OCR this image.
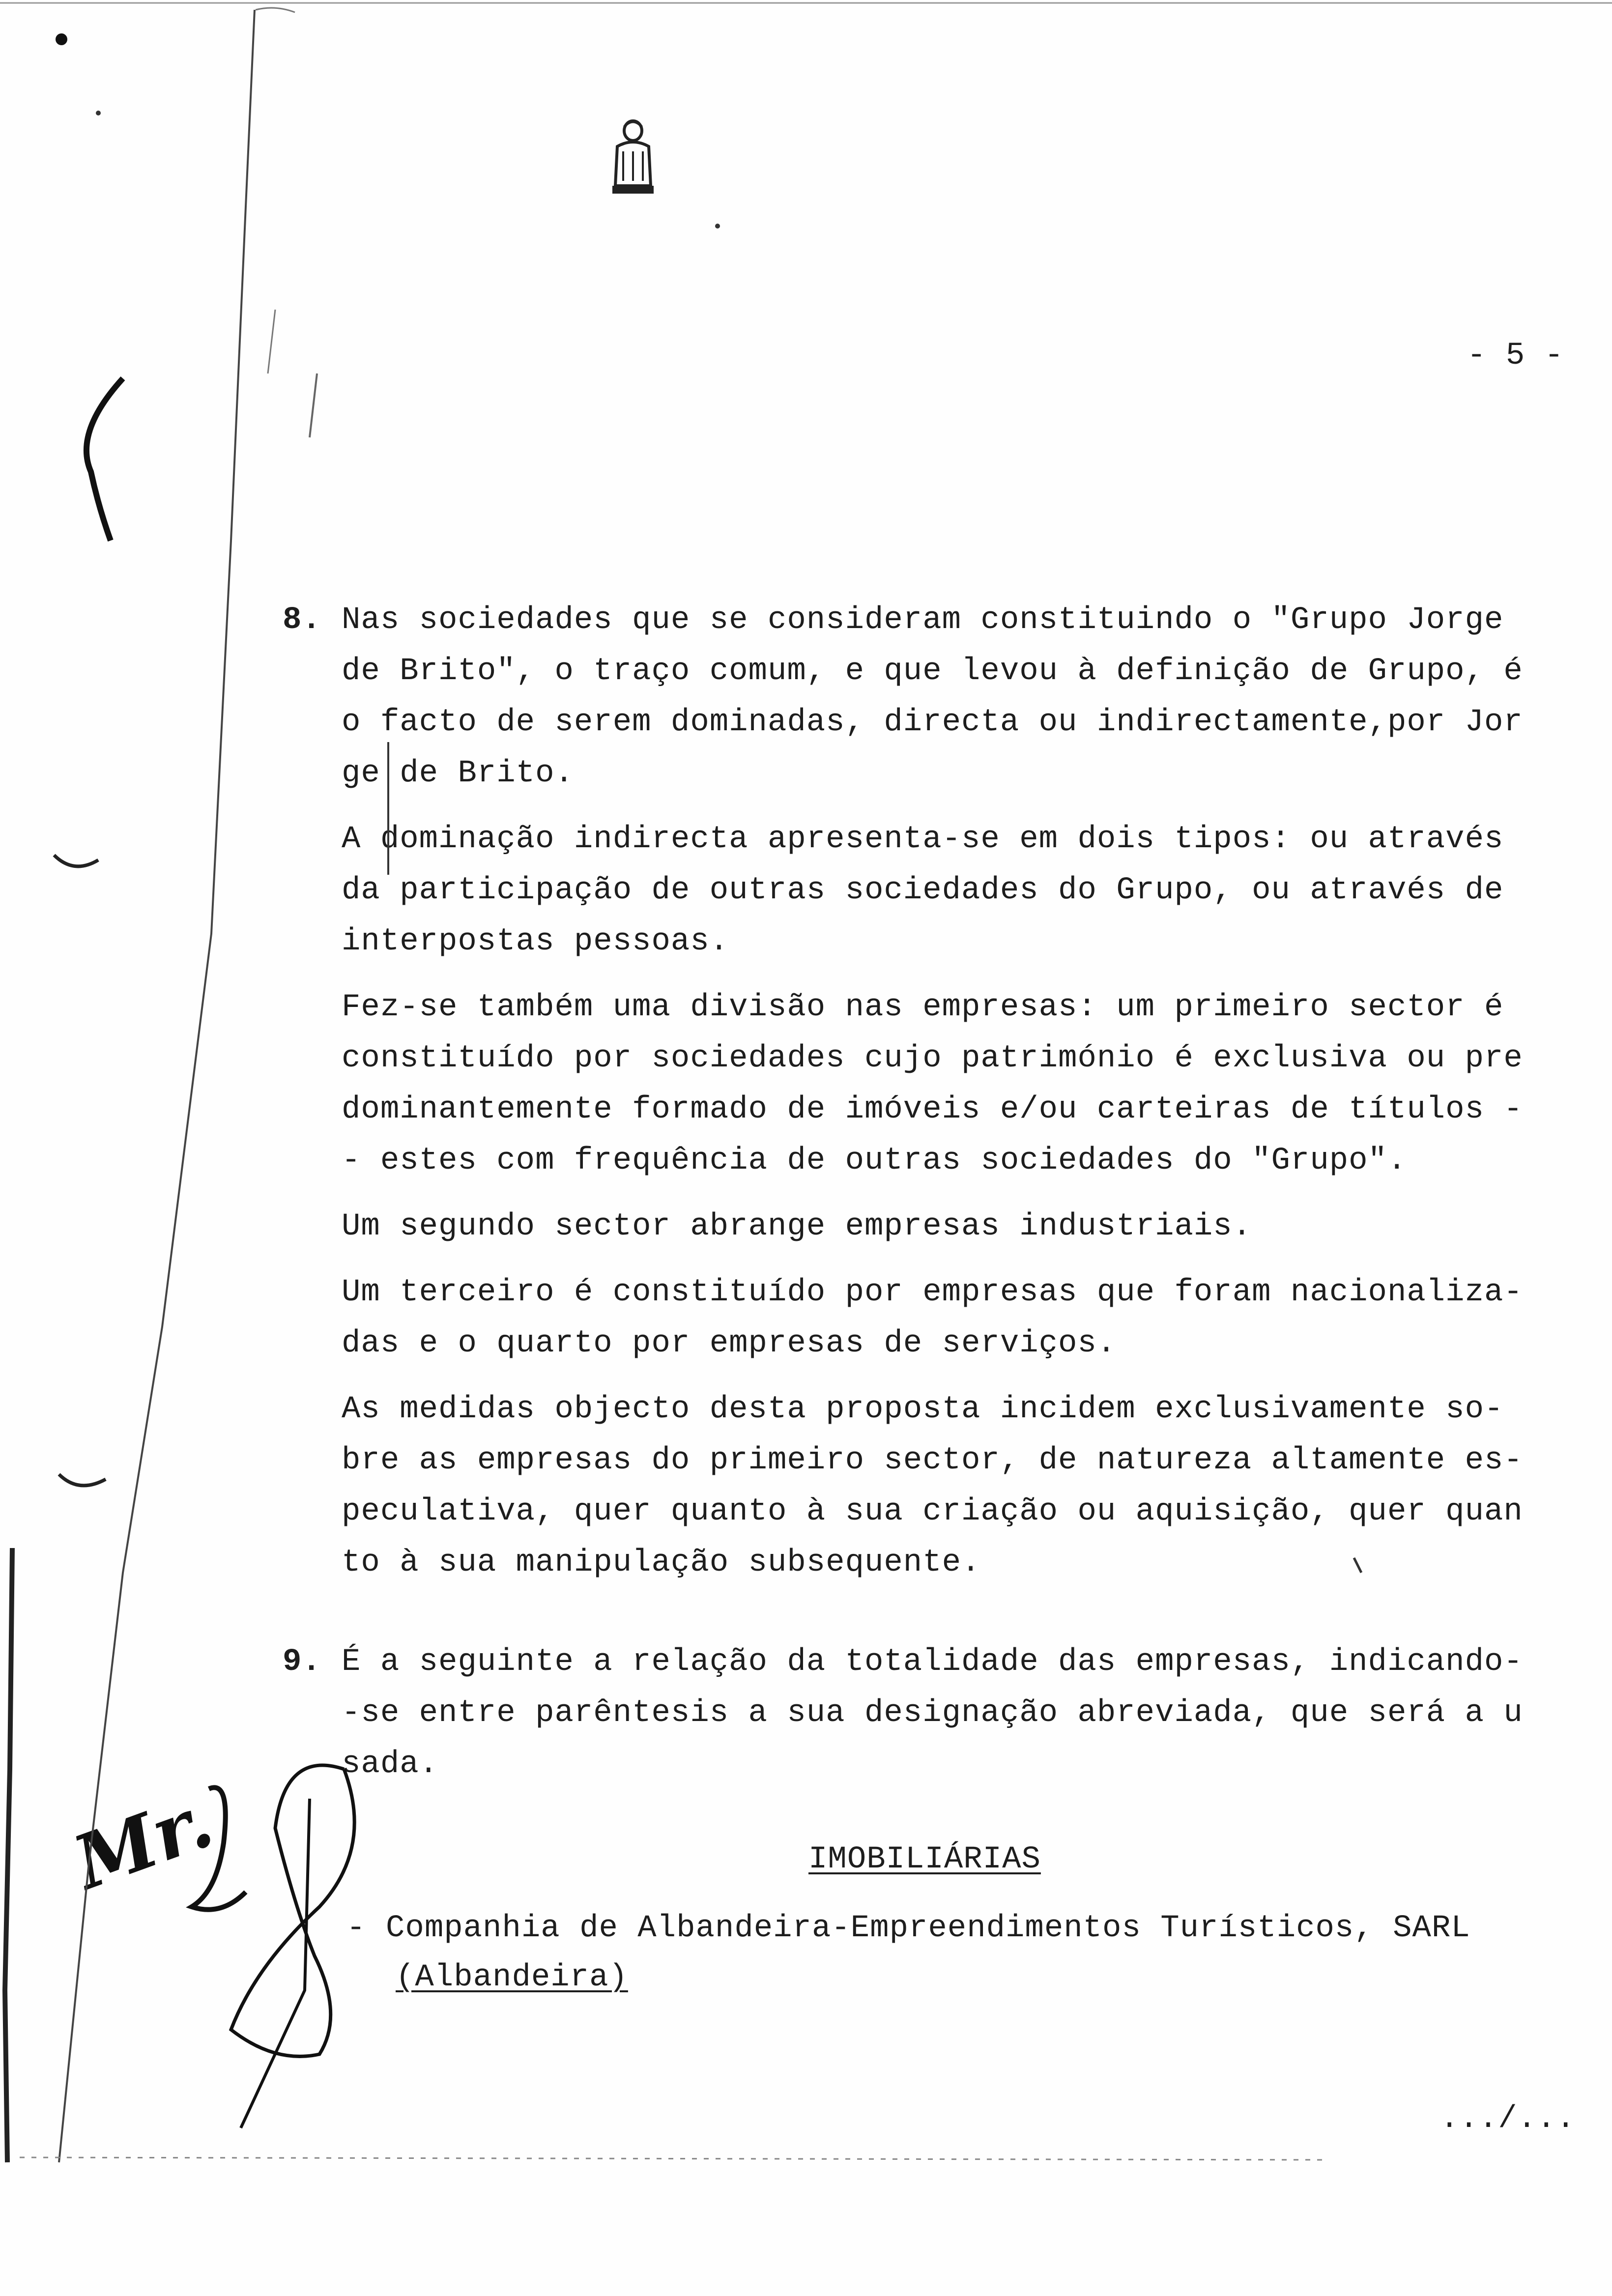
- 5 -
8. Nas sociedades que se consideram constituindo o "Grupo Jorge
de Brito", o traço comum, e que levou à definição de Grupo, é
o facto de serem dominadas, directa ou indirectamente,por Jor
ge de Brito.
A dominação indirecta apresenta-se em dois tipos: ou através
da participação de outras sociedades do Grupo, ou através de
interpostas pessoas.
Fez-se também uma divisão nas empresas: um primeiro sector é
constituído por sociedades cujo património é exclusiva ou pre
dominantemente formado de imóveis e/ou carteiras de títulos -
- estes com frequência de outras sociedades do "Grupo".
Um segundo sector abrange empresas industriais.
Um terceiro é constituído por empresas que foram nacionaliza-
das e o quarto por empresas de serviços.
As medidas objecto desta proposta incidem exclusivamente so-
bre as empresas do primeiro sector, de natureza altamente es-
peculativa, quer quanto à sua criação ou aquisição, quer quan
to à sua manipulação subsequente.
9. É a seguinte a relação da totalidade das empresas, indicando-
-se entre parêntesis a sua designação abreviada, que será a u
sada.
IMOBILIÁRIAS
- Companhia de Albandeira-Empreendimentos Turísticos, SARL
(Albandeira)
.../...
Mr.
